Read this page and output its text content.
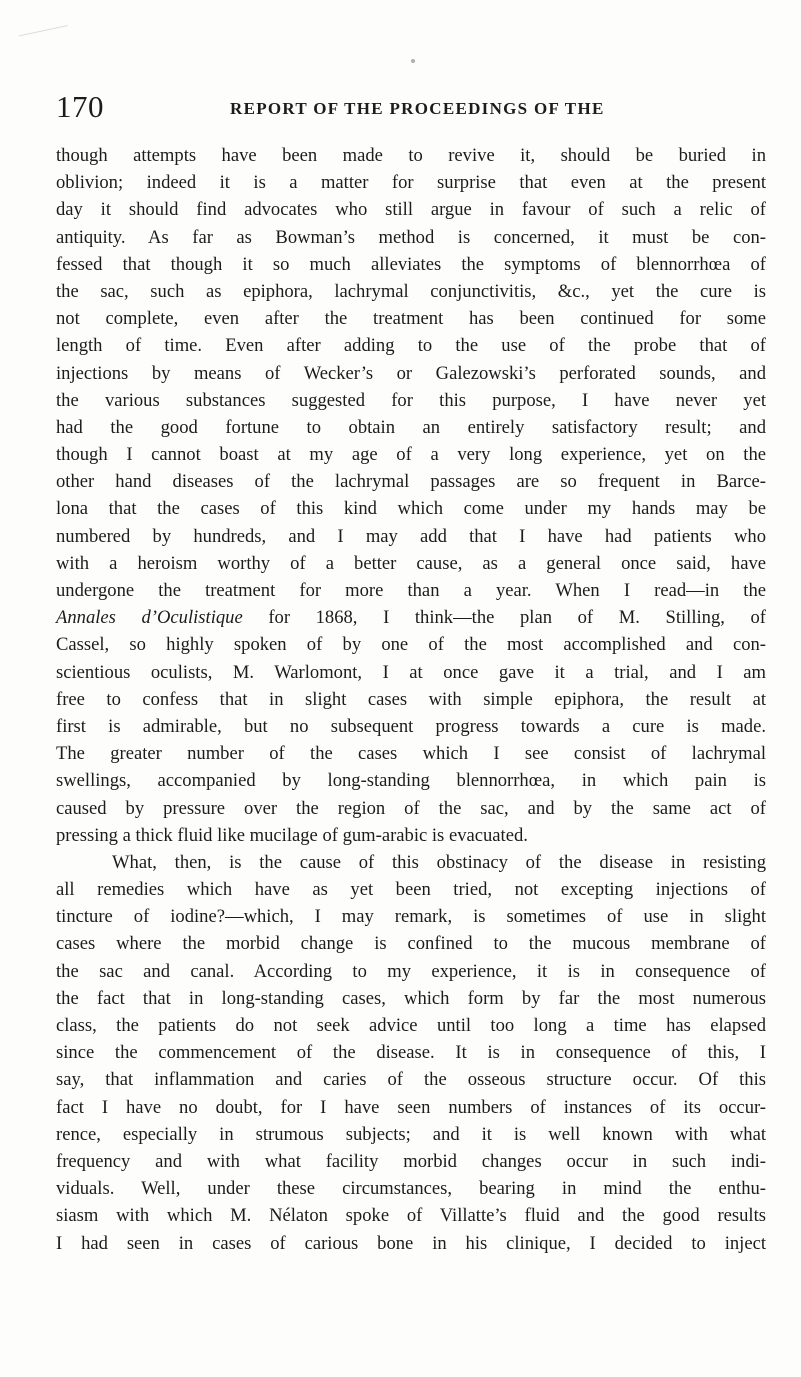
170	REPORT OF THE PROCEEDINGS OF THE
though attempts have been made to revive it, should be buried in
oblivion; indeed it is a matter for surprise that even at the present
day it should find advocates who still argue in favour of such a relic of
antiquity. As far as Bowman’s method is concerned, it must be con-
fessed that though it so much alleviates the symptoms of blennorrhœa of
the sac, such as epiphora, lachrymal conjunctivitis, &c., yet the cure is
not complete, even after the treatment has been continued for some
length of time. Even after adding to the use of the probe that of
injections by means of Wecker’s or Galezowski’s perforated sounds, and
the various substances suggested for this purpose, I have never yet
had the good fortune to obtain an entirely satisfactory result; and
though I cannot boast at my age of a very long experience, yet on the
other hand diseases of the lachrymal passages are so frequent in Barce-
lona that the cases of this kind which come under my hands may be
numbered by hundreds, and I may add that I have had patients who
with a heroism worthy of a better cause, as a general once said, have
undergone the treatment for more than a year. When I read—in the
Annales d’Oculistique for 1868, I think—the plan of M. Stilling, of
Cassel, so highly spoken of by one of the most accomplished and con-
scientious oculists, M. Warlomont, I at once gave it a trial, and I am
free to confess that in slight cases with simple epiphora, the result at
first is admirable, but no subsequent progress towards a cure is made.
The greater number of the cases which I see consist of lachrymal
swellings, accompanied by long-standing blennorrhœa, in which pain is
caused by pressure over the region of the sac, and by the same act of
pressing a thick fluid like mucilage of gum-arabic is evacuated.
What, then, is the cause of this obstinacy of the disease in resisting
all remedies which have as yet been tried, not excepting injections of
tincture of iodine?—which, I may remark, is sometimes of use in slight
cases where the morbid change is confined to the mucous membrane of
the sac and canal. According to my experience, it is in consequence of
the fact that in long-standing cases, which form by far the most numerous
class, the patients do not seek advice until too long a time has elapsed
since the commencement of the disease. It is in consequence of this, I
say, that inflammation and caries of the osseous structure occur. Of this
fact I have no doubt, for I have seen numbers of instances of its occur-
rence, especially in strumous subjects; and it is well known with what
frequency and with what facility morbid changes occur in such indi-
viduals. Well, under these circumstances, bearing in mind the enthu-
siasm with which M. Nélaton spoke of Villatte’s fluid and the good results
I had seen in cases of carious bone in his clinique, I decided to inject
